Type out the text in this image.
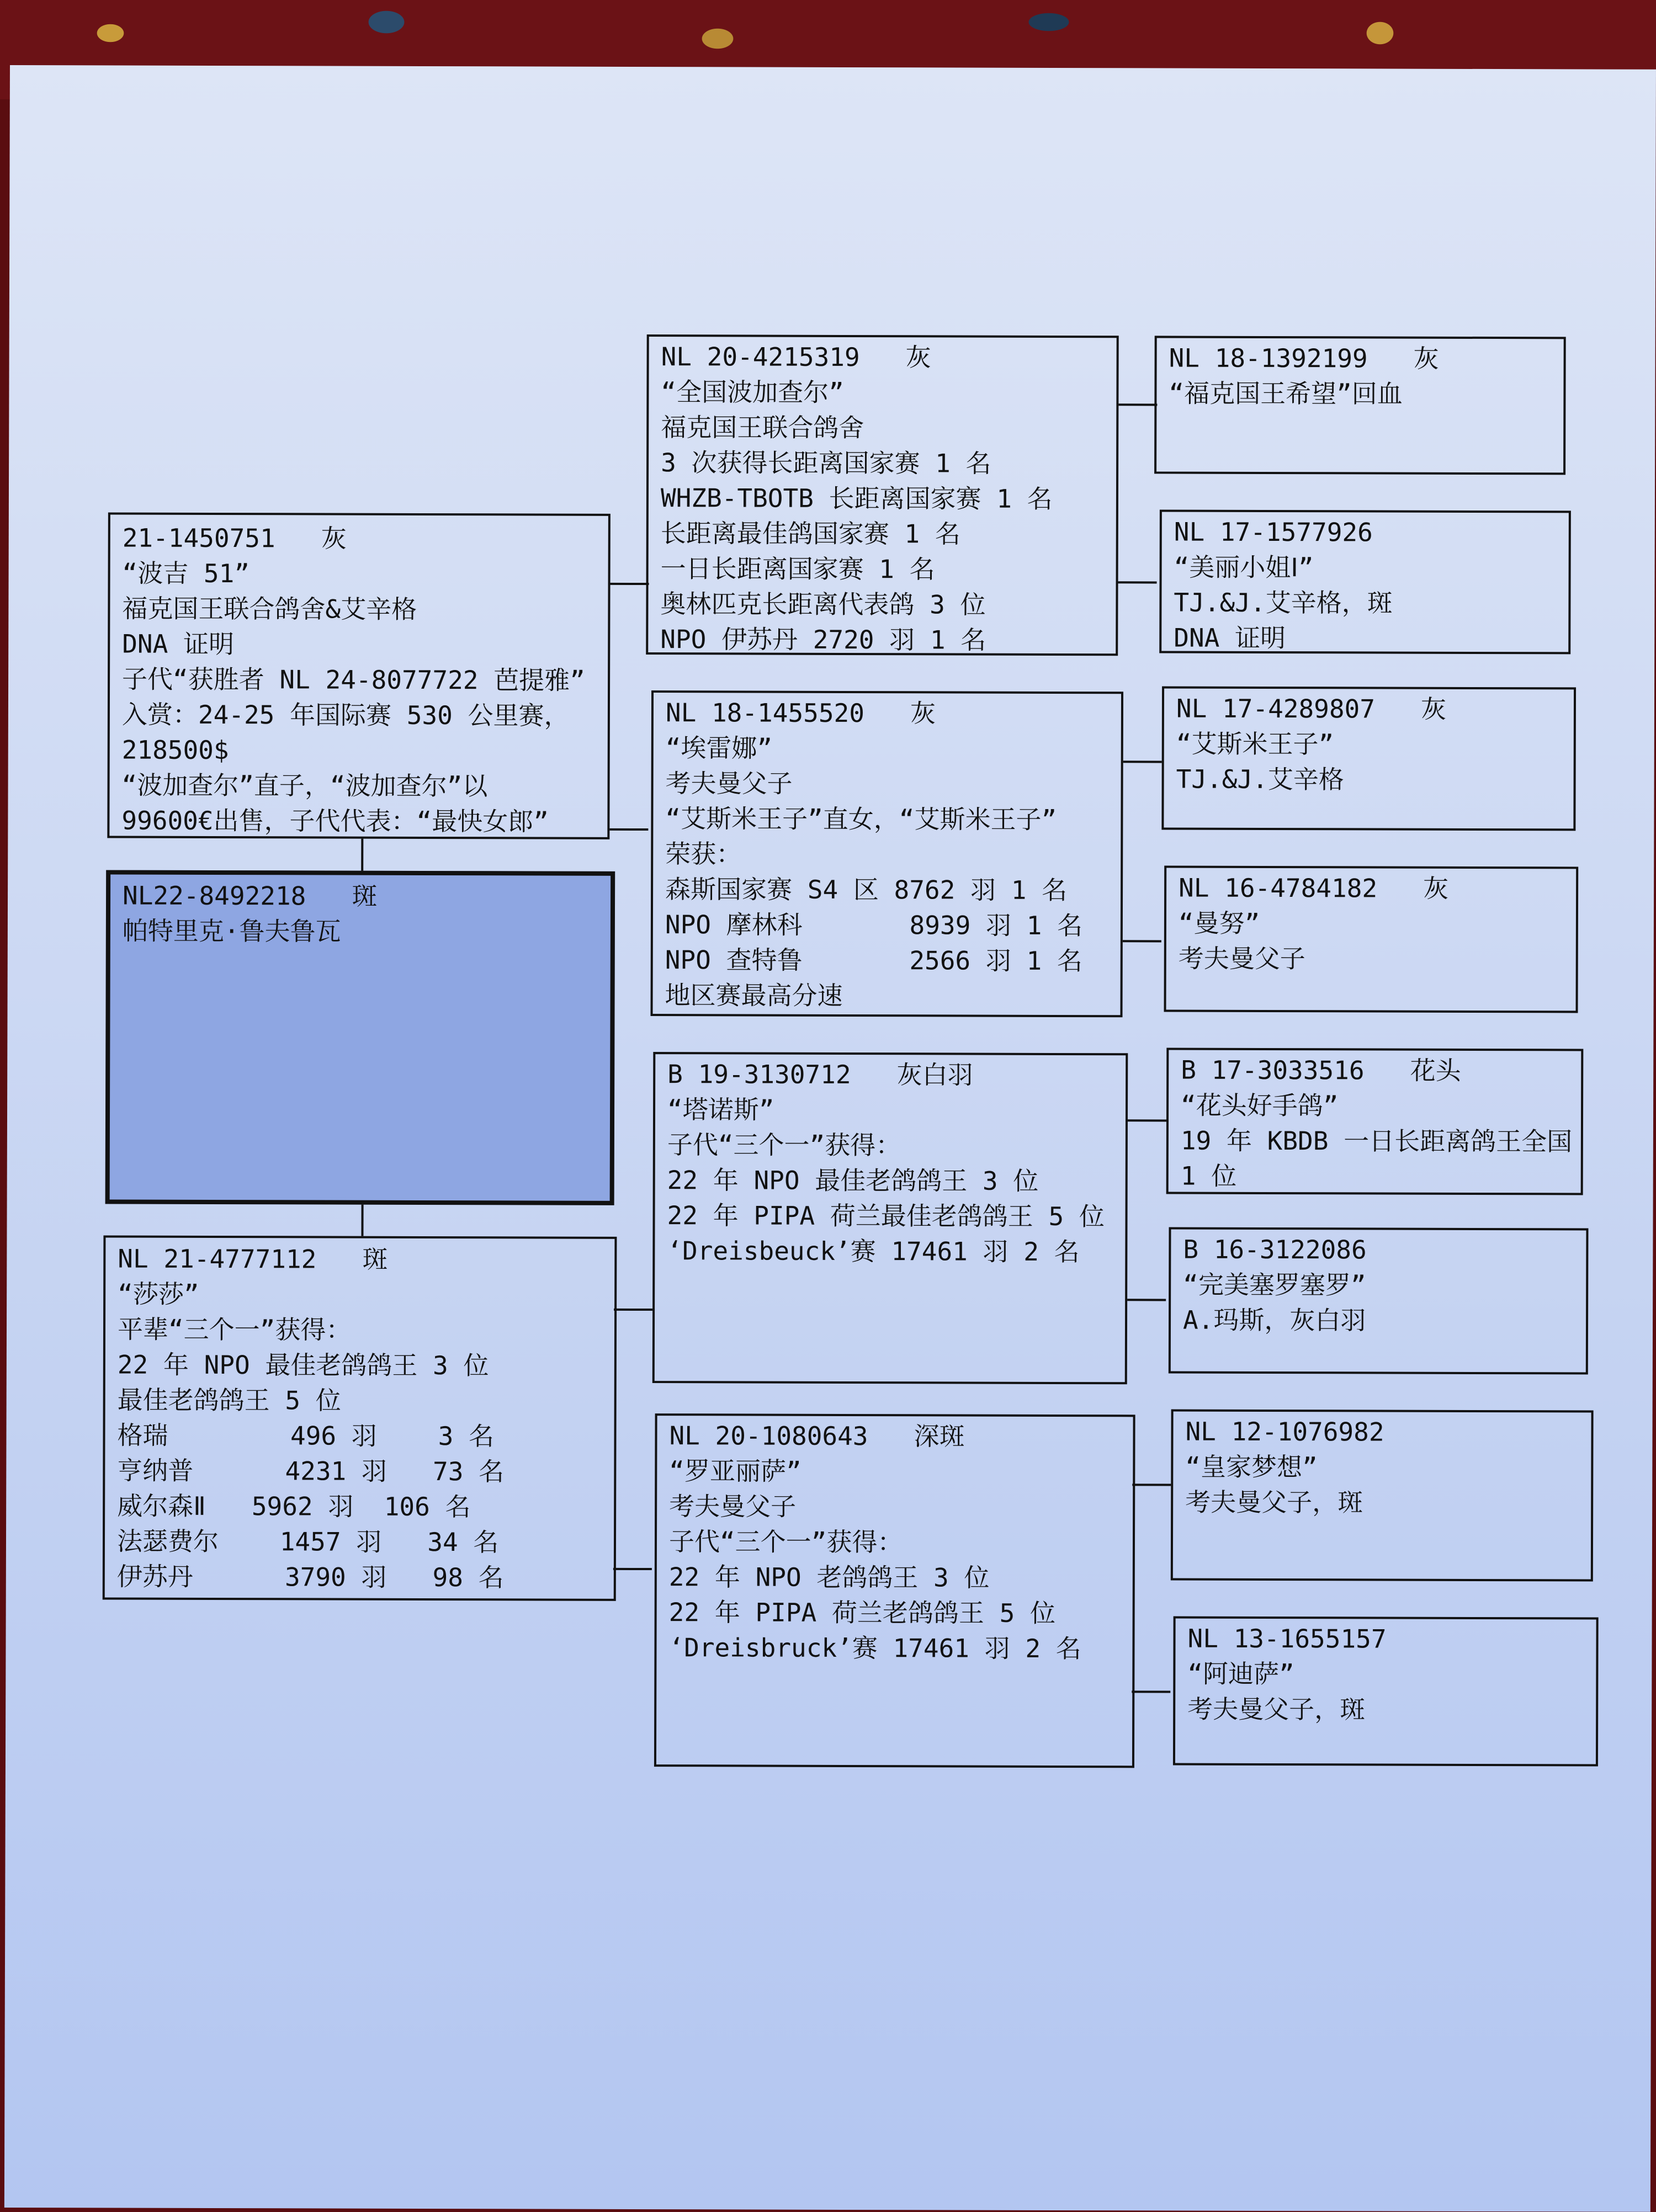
21-1450751   灰
“波吉 51”
福克国王联合鸽舍&艾辛格
DNA 证明
子代“获胜者 NL 24-8077722 芭提雅”
入赏：24-25 年国际赛 530 公里赛，
218500$
“波加查尔”直子，“波加查尔”以
99600€出售，子代代表：“最快女郎”
NL22-8492218   斑
帕特里克·鲁夫鲁瓦
NL 21-4777112   斑
“莎莎”
平辈“三个一”获得：
22 年 NPO 最佳老鸽鸽王 3 位
最佳老鸽鸽王 5 位
格瑞        496 羽    3 名
亨纳普      4231 羽   73 名
威尔森Ⅱ   5962 羽  106 名
法瑟费尔    1457 羽   34 名
伊苏丹      3790 羽   98 名
NL 20-4215319   灰
“全国波加查尔”
福克国王联合鸽舍
3 次获得长距离国家赛 1 名
WHZB-TBOTB 长距离国家赛 1 名
长距离最佳鸽国家赛 1 名
一日长距离国家赛 1 名
奥林匹克长距离代表鸽 3 位
NPO 伊苏丹 2720 羽 1 名
NL 18-1455520   灰
“埃雷娜”
考夫曼父子
“艾斯米王子”直女，“艾斯米王子”
荣获：
森斯国家赛 S4 区 8762 羽 1 名
NPO 摩林科       8939 羽 1 名
NPO 查特鲁       2566 羽 1 名
地区赛最高分速
B 19-3130712   灰白羽
“塔诺斯”
子代“三个一”获得：
22 年 NPO 最佳老鸽鸽王 3 位
22 年 PIPA 荷兰最佳老鸽鸽王 5 位
‘Dreisbeuck’赛 17461 羽 2 名
NL 20-1080643   深斑
“罗亚丽萨”
考夫曼父子
子代“三个一”获得：
22 年 NPO 老鸽鸽王 3 位
22 年 PIPA 荷兰老鸽鸽王 5 位
‘Dreisbruck’赛 17461 羽 2 名
NL 18-1392199   灰
“福克国王希望”回血
NL 17-1577926
“美丽小姐Ⅰ”
TJ.&J.艾辛格，斑
DNA 证明
NL 17-4289807   灰
“艾斯米王子”
TJ.&J.艾辛格
NL 16-4784182   灰
“曼努”
考夫曼父子
B 17-3033516   花头
“花头好手鸽”
19 年 KBDB 一日长距离鸽王全国
1 位
B 16-3122086
“完美塞罗塞罗”
A.玛斯，灰白羽
NL 12-1076982
“皇家梦想”
考夫曼父子，斑
NL 13-1655157
“阿迪萨”
考夫曼父子，斑
